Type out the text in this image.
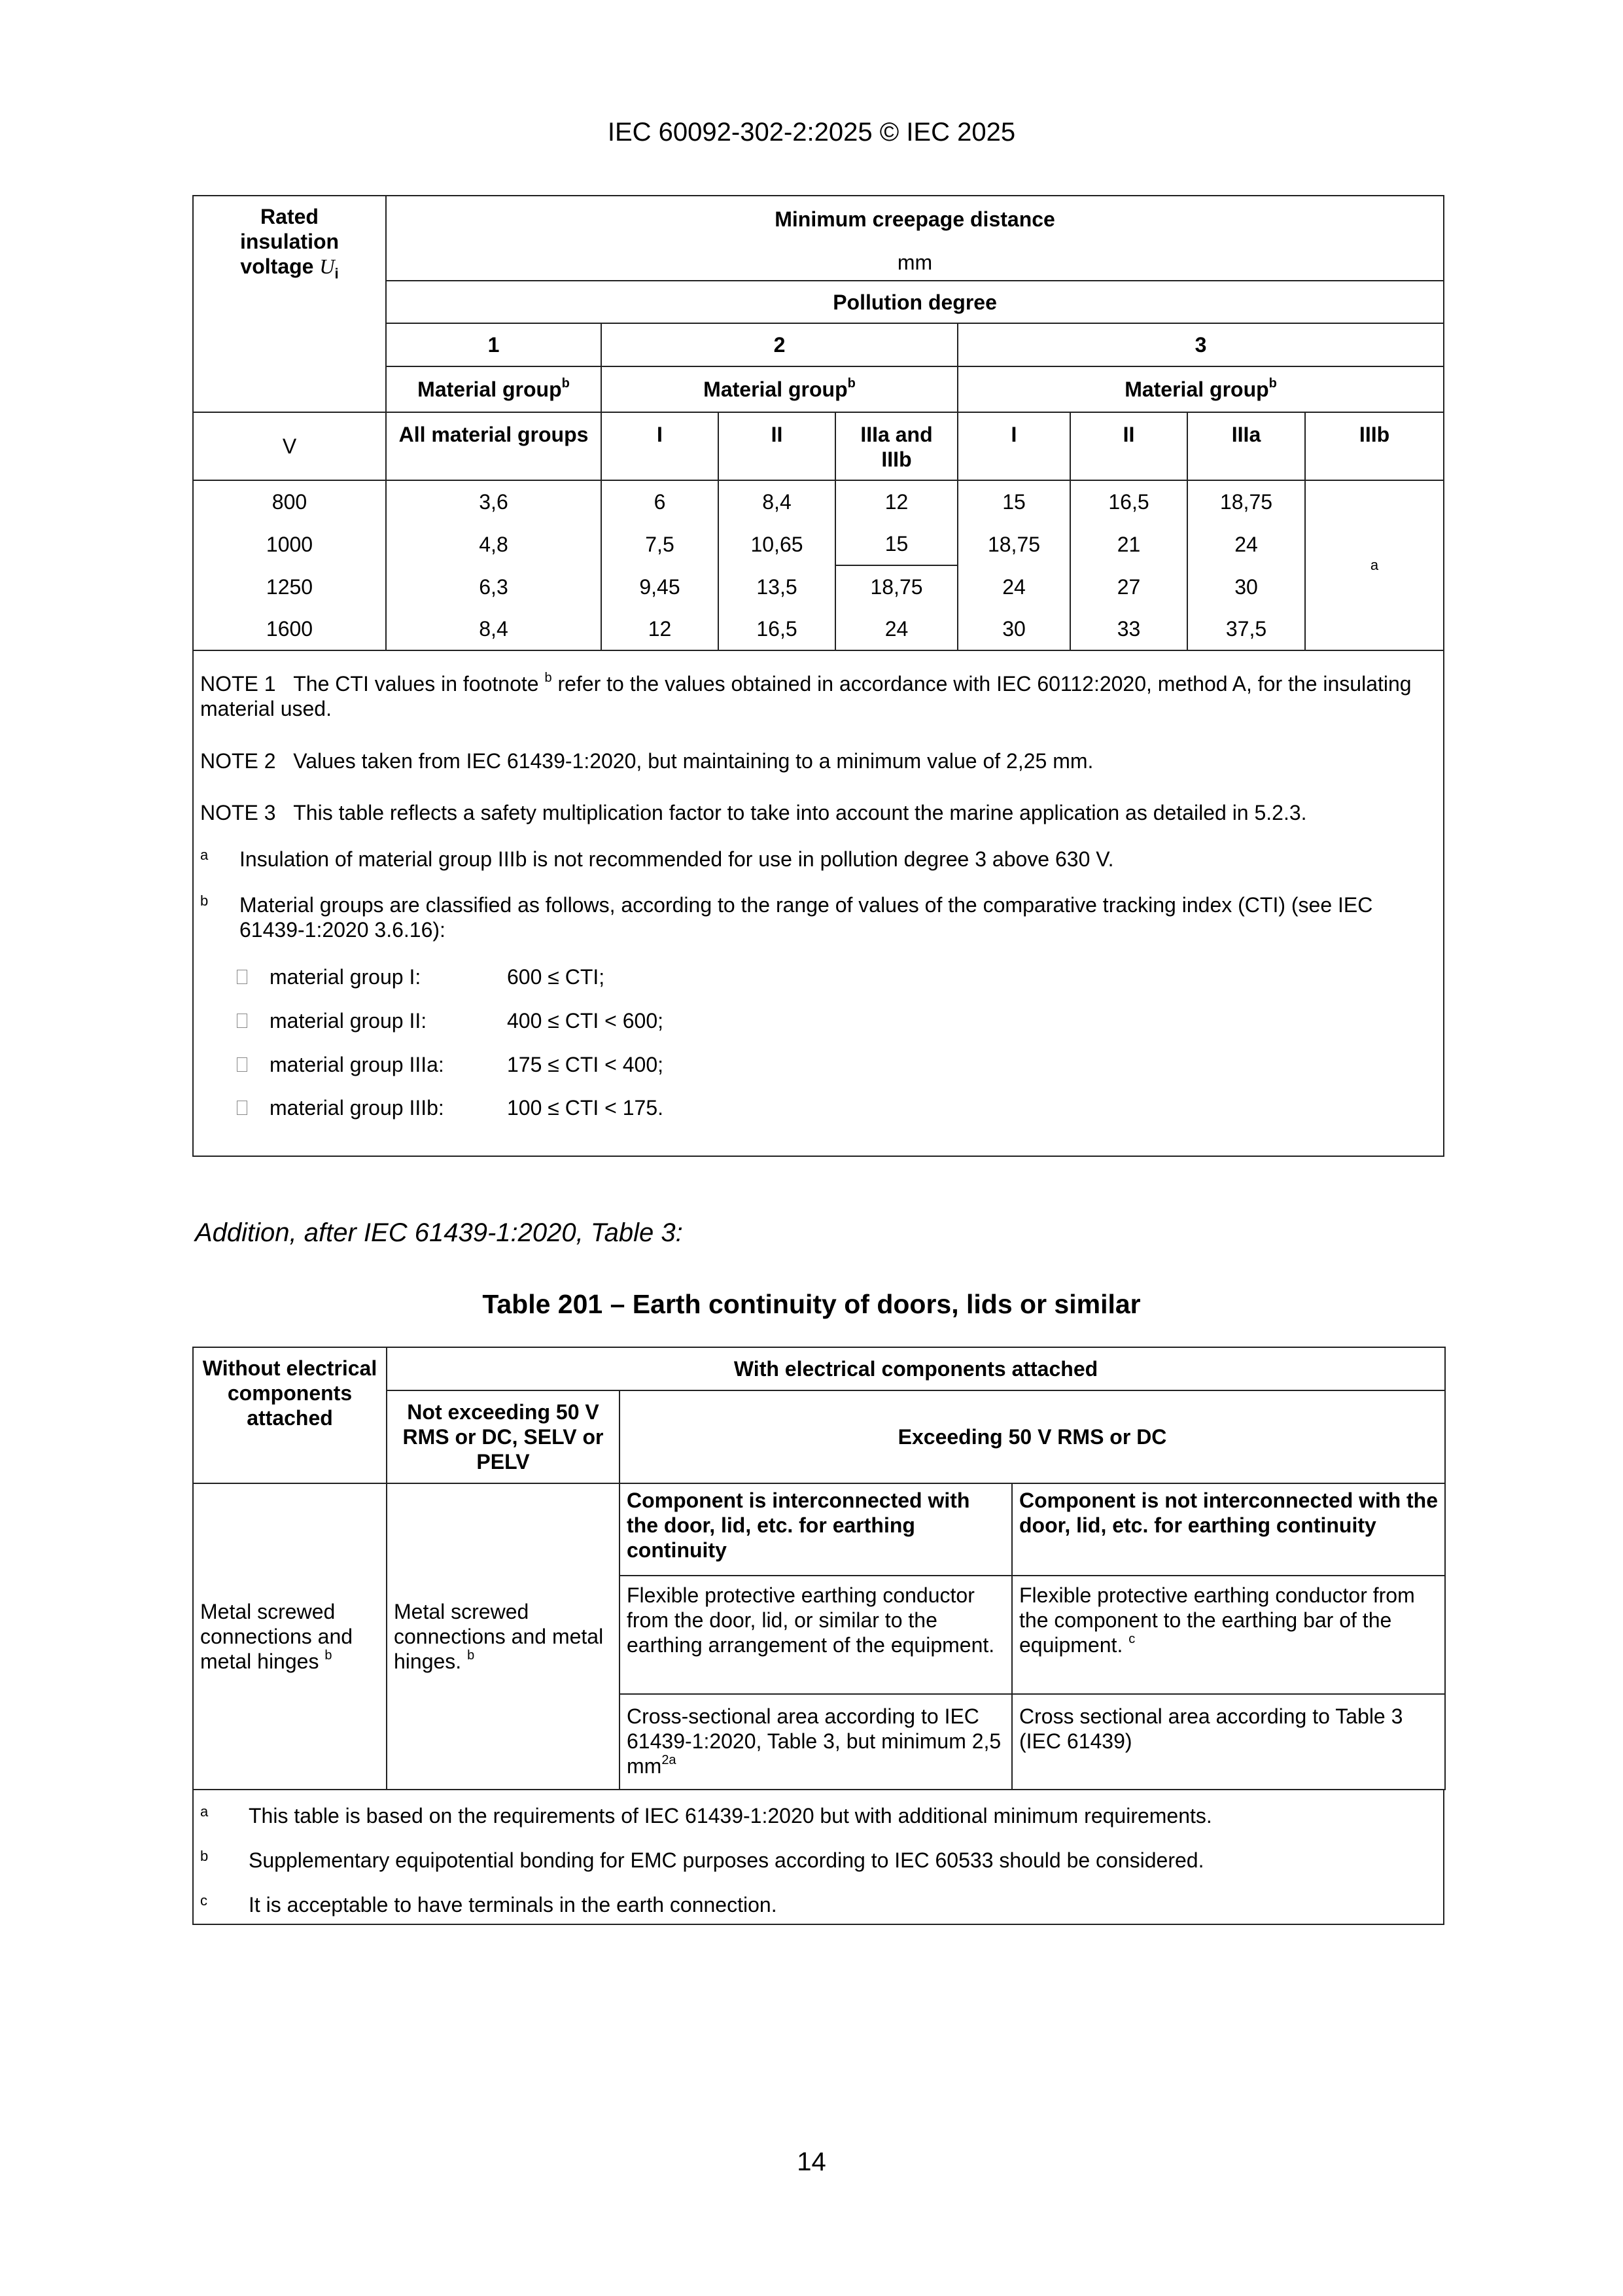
IEC 60092-302-2:2025 © IEC 2025
Rated
insulation
voltage $U_i$	
Minimum creepage distance
mm

	Pollution degree							
	1	2			3			
	Material group$^b$	Material group$^b$			Material group$^b$
V	All material groups	I	II	IIIa and IIIb	I	II	IIIa	IIIb
800	3,6	6	8,4	12	15	16,5	18,75	a
1000	4,8	7,5	10,65	15	18,75	21	24	
1250	6,3	9,45	13,5	18,75	24	27	30	
1600	8,4	12	16,5	24	30	33	37,5	
NOTE 1 The CTI values in footnote $^b$ refer to the values obtained in accordance with IEC 60112:2020, method A, for the insulating material used.
NOTE 2 Values taken from IEC 61439-1:2020, but maintaining to a minimum value of 2,25 mm.
NOTE 3 This table reflects a safety multiplication factor to take into account the marine application as detailed in 5.2.3.
a Insulation of material group IIIb is not recommended for use in pollution degree 3 above 630 V.
b Material groups are classified as follows, according to the range of values of the comparative tracking index (CTI) (see IEC 61439-1:2020 3.6.16):
material group I:	600 ≤ CTI;
material group II:	400 ≤ CTI < 600;
material group IIIa:	175 ≤ CTI < 400;
material group IIIb:	100 ≤ CTI < 175.
Addition, after IEC 61439-1:2020, Table 3:
Table 201 – Earth continuity of doors, lids or similar
Without electrical components attached	With electrical components attached		
	Not exceeding 50 V RMS or DC, SELV or PELV	Exceeding 50 V RMS or DC	
Metal screwed connections and metal hinges $^b$	Metal screwed connections and metal hinges. $^b$	Component is interconnected with the door, lid, etc. for earthing continuity	Component is not interconnected with the door, lid, etc. for earthing continuity
		Flexible protective earthing conductor from the door, lid, or similar to the earthing arrangement of the equipment.	Flexible protective earthing conductor from the component to the earthing bar of the equipment. $^c$
		Cross-sectional area according to IEC 61439-1:2020, Table 3, but minimum 2,5 $mm^{2a}$	Cross sectional area according to Table 3 (IEC 61439)
a This table is based on the requirements of IEC 61439-1:2020 but with additional minimum requirements.
b Supplementary equipotential bonding for EMC purposes according to IEC 60533 should be considered.
c It is acceptable to have terminals in the earth connection.
14
